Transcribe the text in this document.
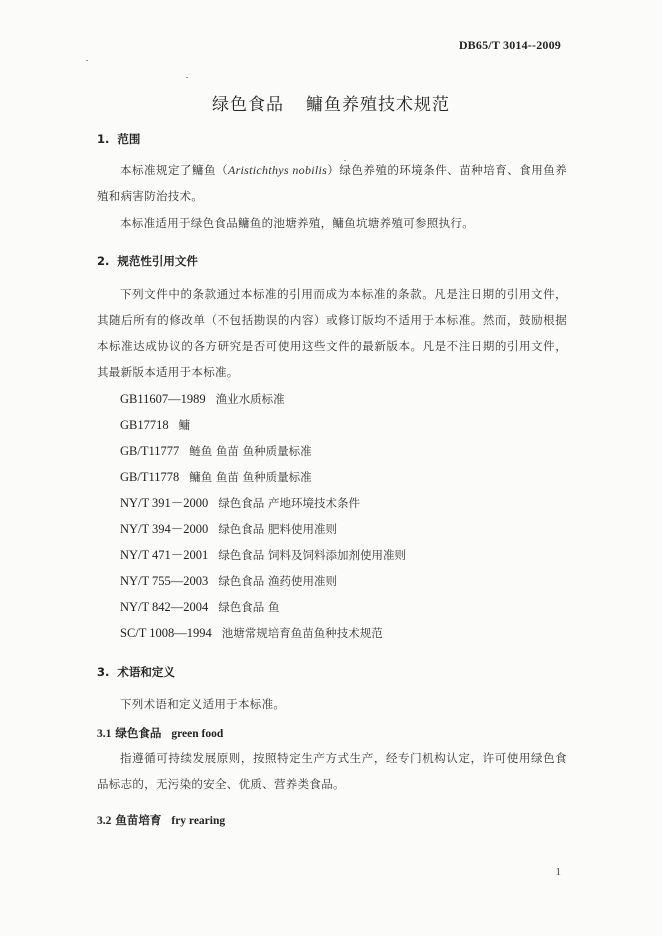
DB65/T 3014--2009
绿色食品 鳙鱼养殖技术规范
1. 范围

本标准规定了鳙鱼（Aristichthys nobilis）绿色养殖的环境条件、苗种培育、食用鱼养殖和病害防治技术。

本标准适用于绿色食品鳙鱼的池塘养殖，鳙鱼坑塘养殖可参照执行。

2. 规范性引用文件

下列文件中的条款通过本标准的引用而成为本标准的条款。凡是注日期的引用文件，其随后所有的修改单（不包括勘误的内容）或修订版均不适用于本标准。然而，鼓励根据本标准达成协议的各方研究是否可使用这些文件的最新版本。凡是不注日期的引用文件，其最新版本适用于本标准。

GB11607—1989 渔业水质标准
GB17718 鳙
GB/T11777 鲢鱼 鱼苗 鱼种质量标准
GB/T11778 鳙鱼 鱼苗 鱼种质量标准
NY/T 391－2000 绿色食品 产地环境技术条件
NY/T 394－2000 绿色食品 肥料使用准则
NY/T 471－2001 绿色食品 饲料及饲料添加剂使用准则
NY/T 755—2003 绿色食品 渔药使用准则
NY/T 842—2004 绿色食品 鱼
SC/T 1008—1994 池塘常规培育鱼苗鱼种技术规范
3. 术语和定义

下列术语和定义适用于本标准。

3.1 绿色食品 green food

指遵循可持续发展原则，按照特定生产方式生产，经专门机构认定，许可使用绿色食品标志的，无污染的安全、优质、营养类食品。

3.2 鱼苗培育 fry rearing
1
